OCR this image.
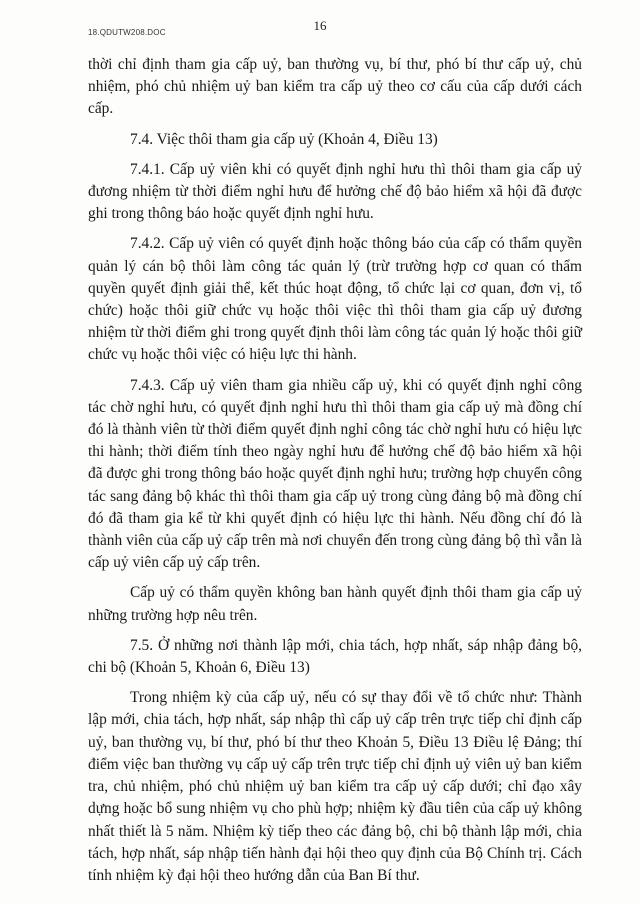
18.QDUTW208.DOC	16

thời chỉ định tham gia cấp uỷ, ban thường vụ, bí thư, phó bí thư cấp uỷ, chủ nhiệm, phó chủ nhiệm uỷ ban kiểm tra cấp uỷ theo cơ cấu của cấp dưới cách cấp.

7.4. Việc thôi tham gia cấp uỷ (Khoản 4, Điều 13)

7.4.1. Cấp uỷ viên khi có quyết định nghỉ hưu thì thôi tham gia cấp uỷ đương nhiệm từ thời điểm nghỉ hưu để hưởng chế độ bảo hiểm xã hội đã được ghi trong thông báo hoặc quyết định nghỉ hưu.

7.4.2. Cấp uỷ viên có quyết định hoặc thông báo của cấp có thẩm quyền quản lý cán bộ thôi làm công tác quản lý (trừ trường hợp cơ quan có thẩm quyền quyết định giải thể, kết thúc hoạt động, tổ chức lại cơ quan, đơn vị, tổ chức) hoặc thôi giữ chức vụ hoặc thôi việc thì thôi tham gia cấp uỷ đương nhiệm từ thời điểm ghi trong quyết định thôi làm công tác quản lý hoặc thôi giữ chức vụ hoặc thôi việc có hiệu lực thi hành.

7.4.3. Cấp uỷ viên tham gia nhiều cấp uỷ, khi có quyết định nghỉ công tác chờ nghỉ hưu, có quyết định nghỉ hưu thì thôi tham gia cấp uỷ mà đồng chí đó là thành viên từ thời điểm quyết định nghỉ công tác chờ nghỉ hưu có hiệu lực thi hành; thời điểm tính theo ngày nghỉ hưu để hưởng chế độ bảo hiểm xã hội đã được ghi trong thông báo hoặc quyết định nghỉ hưu; trường hợp chuyển công tác sang đảng bộ khác thì thôi tham gia cấp uỷ trong cùng đảng bộ mà đồng chí đó đã tham gia kể từ khi quyết định có hiệu lực thi hành. Nếu đồng chí đó là thành viên của cấp uỷ cấp trên mà nơi chuyển đến trong cùng đảng bộ thì vẫn là cấp uỷ viên cấp uỷ cấp trên.

Cấp uỷ có thẩm quyền không ban hành quyết định thôi tham gia cấp uỷ những trường hợp nêu trên.

7.5. Ở những nơi thành lập mới, chia tách, hợp nhất, sáp nhập đảng bộ, chi bộ (Khoản 5, Khoản 6, Điều 13)

Trong nhiệm kỳ của cấp uỷ, nếu có sự thay đổi về tổ chức như: Thành lập mới, chia tách, hợp nhất, sáp nhập thì cấp uỷ cấp trên trực tiếp chỉ định cấp uỷ, ban thường vụ, bí thư, phó bí thư theo Khoản 5, Điều 13 Điều lệ Đảng; thí điểm việc ban thường vụ cấp uỷ cấp trên trực tiếp chỉ định uỷ viên uỷ ban kiểm tra, chủ nhiệm, phó chủ nhiệm uỷ ban kiểm tra cấp uỷ cấp dưới; chỉ đạo xây dựng hoặc bổ sung nhiệm vụ cho phù hợp; nhiệm kỳ đầu tiên của cấp uỷ không nhất thiết là 5 năm. Nhiệm kỳ tiếp theo các đảng bộ, chi bộ thành lập mới, chia tách, hợp nhất, sáp nhập tiến hành đại hội theo quy định của Bộ Chính trị. Cách tính nhiệm kỳ đại hội theo hướng dẫn của Ban Bí thư.
